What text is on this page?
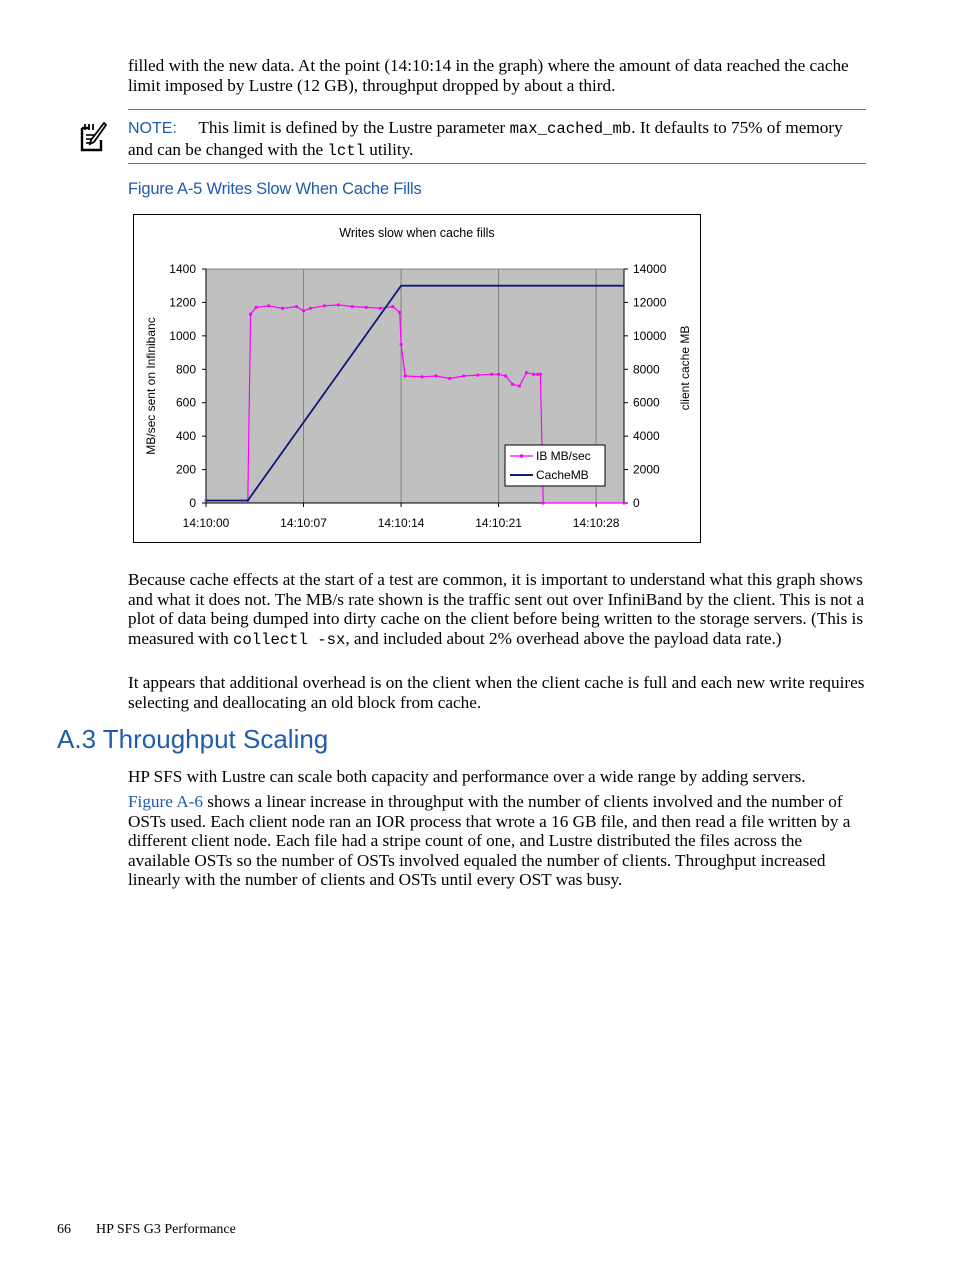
filled with the new data. At the point (14:10:14 in the graph) where the amount of data reached the cache limit imposed by Lustre (12 GB), throughput dropped by about a third.

NOTE: This limit is defined by the Lustre parameter max_cached_mb. It defaults to 75% of memory and can be changed with the lctl utility.

Figure A-5 Writes Slow When Cache Fills
Writes slow when cache fills
0
200
400
600
800
1000
1200
1400
0
2000
4000
6000
8000
10000
12000
14000
14:10:00	14:10:07	14:10:14	14:10:21	14:10:28
MB/sec sent on Infinibanc	client cache MB
IB MB/sec
CacheMB

Because cache effects at the start of a test are common, it is important to understand what this graph shows and what it does not. The MB/s rate shown is the traffic sent out over InfiniBand by the client. This is not a plot of data being dumped into dirty cache on the client before being written to the storage servers. (This is measured with collectl -sx, and included about 2% overhead above the payload data rate.)

It appears that additional overhead is on the client when the client cache is full and each new write requires selecting and deallocating an old block from cache.

A.3 Throughput Scaling

HP SFS with Lustre can scale both capacity and performance over a wide range by adding servers.

Figure A-6 shows a linear increase in throughput with the number of clients involved and the number of OSTs used. Each client node ran an IOR process that wrote a 16 GB file, and then read a file written by a different client node. Each file had a stripe count of one, and Lustre distributed the files across the available OSTs so the number of OSTs involved equaled the number of clients. Throughput increased linearly with the number of clients and OSTs until every OST was busy.

66 HP SFS G3 Performance
